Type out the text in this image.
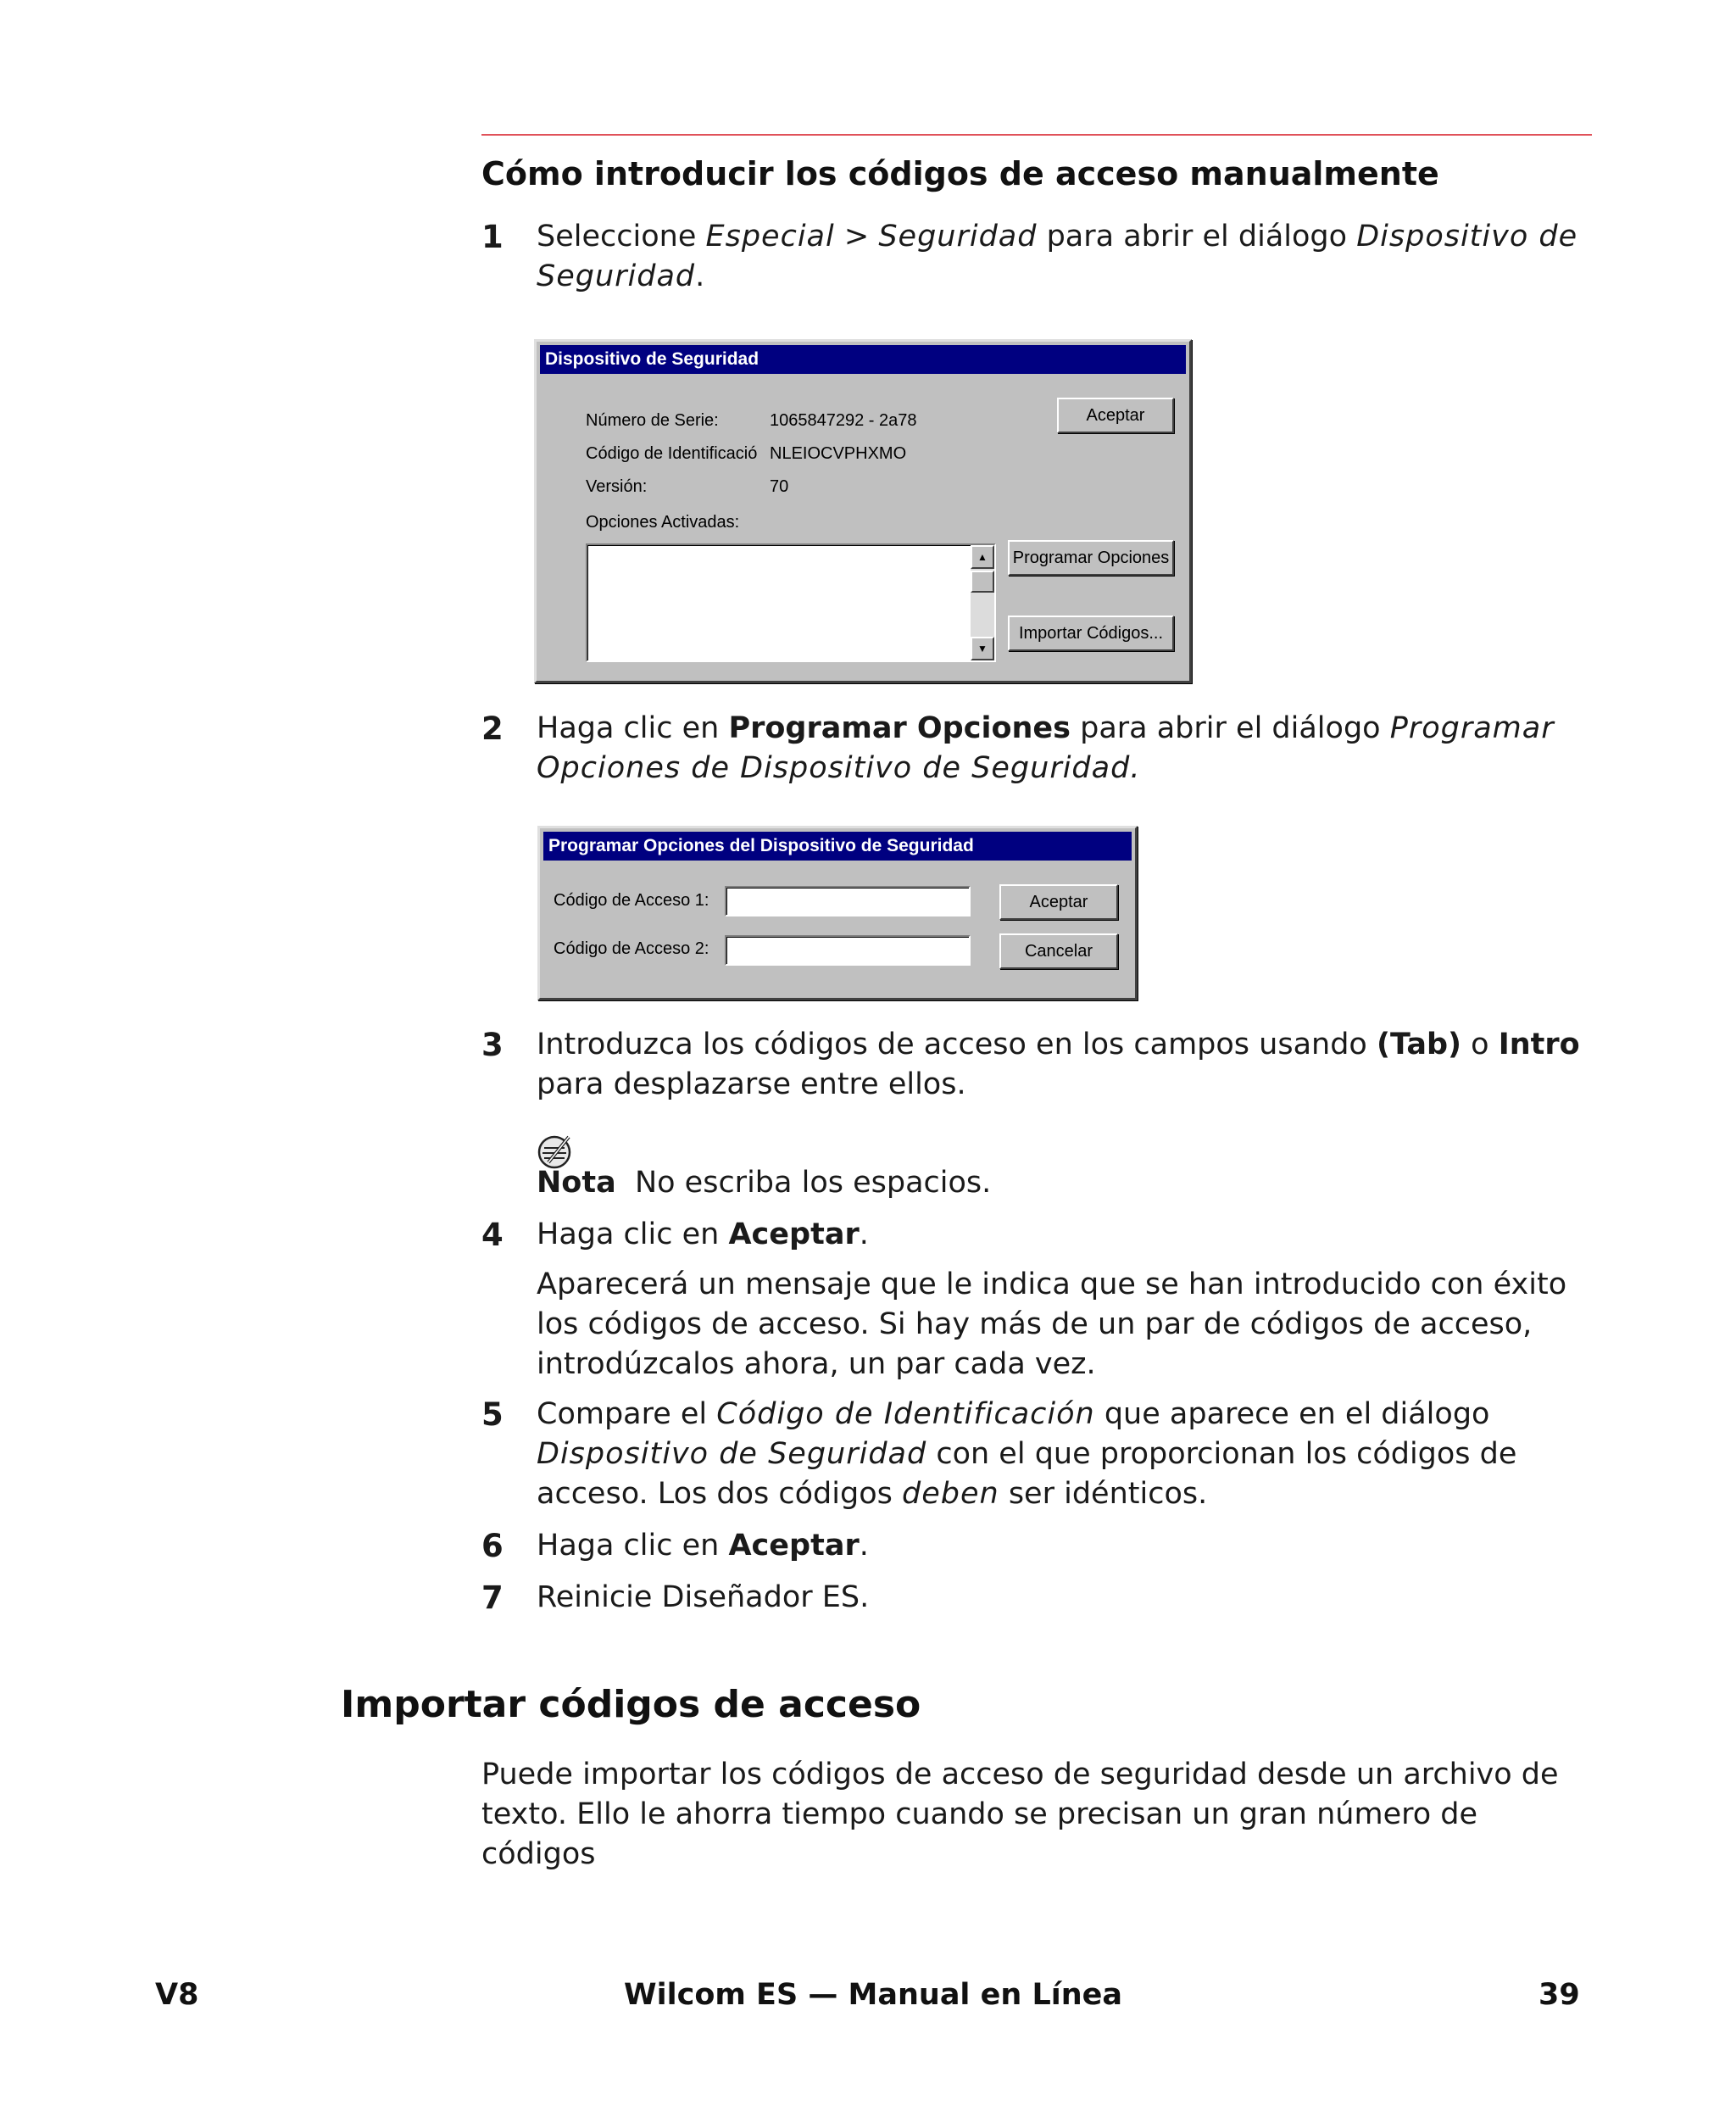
Cómo introducir los códigos de acceso manualmente
1 Seleccione Especial > Seguridad para abrir el diálogo Dispositivo de Seguridad.
Dispositivo de Seguridad
Número de Serie:	1065847292 - 2a78
Código de Identificació NLEIOCVPHXMO
Versión:	70
Opciones Activadas:
▲
▼
Aceptar
Programar Opciones
Importar Códigos...
2 Haga clic en Programar Opciones para abrir el diálogo Programar Opciones de Dispositivo de Seguridad.
Programar Opciones del Dispositivo de Seguridad
Código de Acceso 1:
Código de Acceso 2:
Aceptar
Cancelar
3 Introduzca los códigos de acceso en los campos usando (Tab) o Intro para desplazarse entre ellos.
Nota No escriba los espacios.
4 Haga clic en Aceptar.
Aparecerá un mensaje que le indica que se han introducido con éxito los códigos de acceso. Si hay más de un par de códigos de acceso, introdúzcalos ahora, un par cada vez.
5 Compare el Código de Identificación que aparece en el diálogo Dispositivo de Seguridad con el que proporcionan los códigos de acceso. Los dos códigos deben ser idénticos.
6 Haga clic en Aceptar.
7 Reinicie Diseñador ES.
Importar códigos de acceso
Puede importar los códigos de acceso de seguridad desde un archivo de texto. Ello le ahorra tiempo cuando se precisan un gran número de códigos
V8	Wilcom ES — Manual en Línea	39
